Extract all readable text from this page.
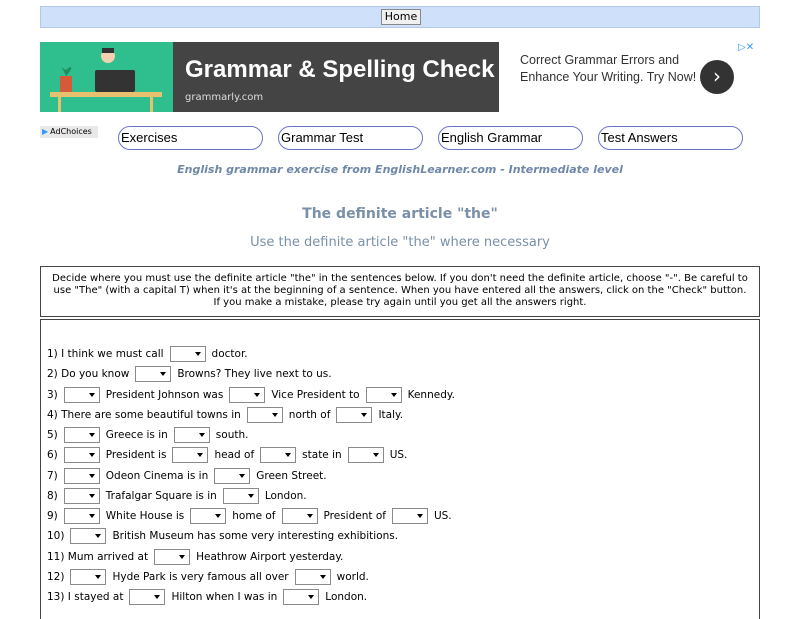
Home
Grammar & Spelling Check
grammarly.com
Correct Grammar Errors and Enhance Your Writing. Try Now! ›
▷✕
▶ AdChoices	Exercises	Grammar Test	English Grammar	Test Answers
English grammar exercise from EnglishLearner.com - Intermediate level
The definite article "the"
Use the definite article "the" where necessary
Decide where you must use the definite article "the" in the sentences below. If you don't need the definite article, choose "-". Be careful to use "The" (with a capital T) when it's at the beginning of a sentence. When you have entered all the answers, click on the "Check" button. If you make a mistake, please try again until you get all the answers right.
1) I think we must call	doctor.
2) Do you know	Browns? They live next to us.
3)	President Johnson was	Vice President to	Kennedy.
4) There are some beautiful towns in	north of	Italy.
5)	Greece is in	south.
6)	President is	head of	state in	US.
7)	Odeon Cinema is in	Green Street.
8)	Trafalgar Square is in	London.
9)	White House is	home of	President of	US.
10)	British Museum has some very interesting exhibitions.
11) Mum arrived at	Heathrow Airport yesterday.
12)	Hyde Park is very famous all over	world.
13) I stayed at	Hilton when I was in	London.
